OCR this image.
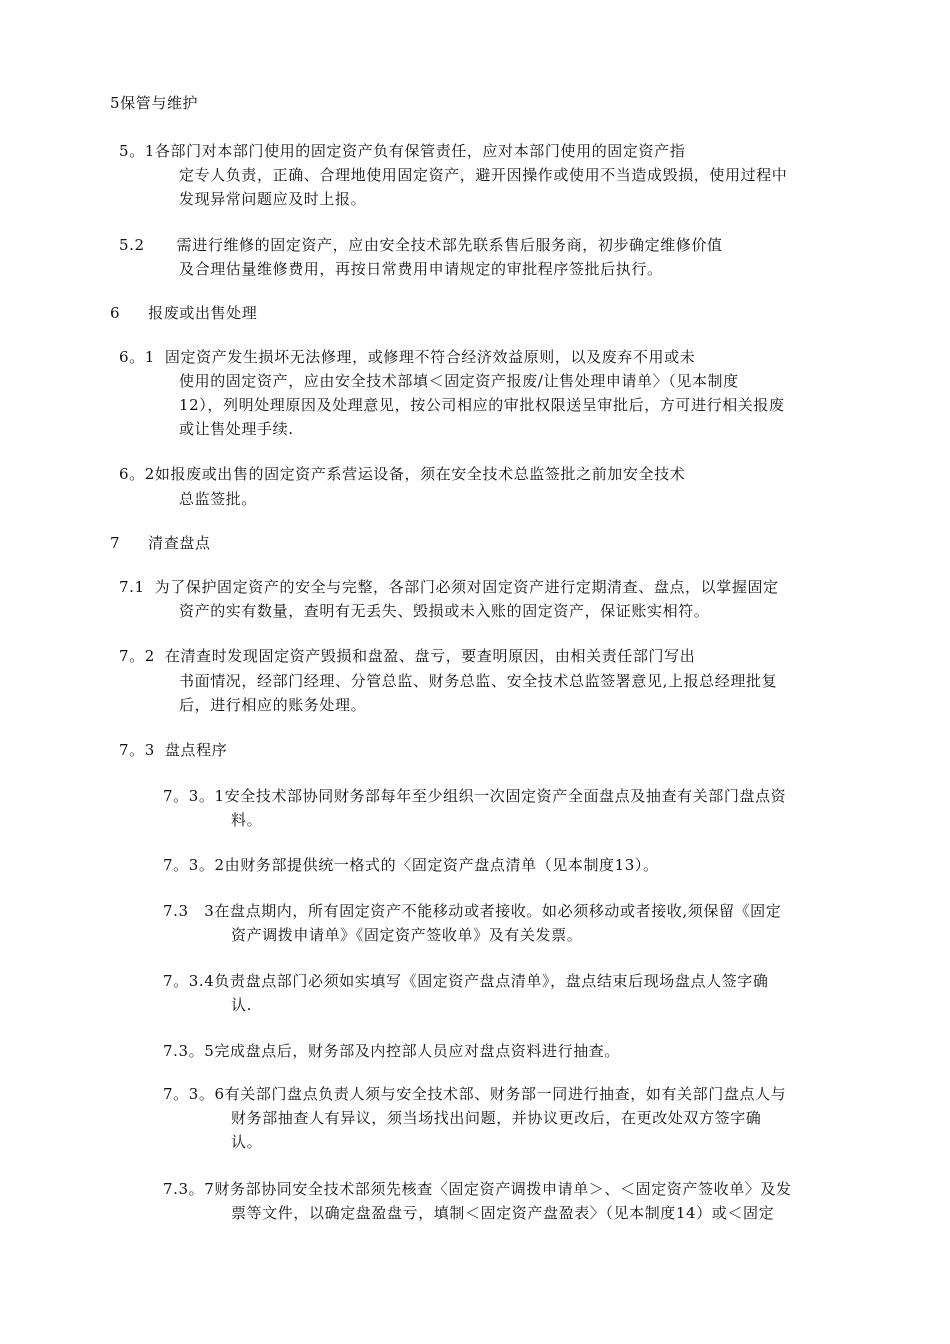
5保管与维护
5。1各部门对本部门使用的固定资产负有保管责任，应对本部门使用的固定资产指
定专人负责，正确、合理地使用固定资产，避开因操作或使用不当造成毁损，使用过程中
发现异常问题应及时上报。
5.2 需进行维修的固定资产，应由安全技术部先联系售后服务商，初步确定维修价值
及合理估量维修费用，再按日常费用申请规定的审批程序签批后执行。
6 报废或出售处理
6。1 固定资产发生损坏无法修理，或修理不符合经济效益原则，以及废弃不用或未
使用的固定资产，应由安全技术部填＜固定资产报废/让售处理申请单〉（见本制度
12），列明处理原因及处理意见，按公司相应的审批权限送呈审批后，方可进行相关报废
或让售处理手续.
6。2如报废或出售的固定资产系营运设备，须在安全技术总监签批之前加安全技术
总监签批。
7 清查盘点
7.1 为了保护固定资产的安全与完整，各部门必须对固定资产进行定期清查、盘点，以掌握固定
资产的实有数量，查明有无丢失、毁损或未入账的固定资产，保证账实相符。
7。2 在清查时发现固定资产毁损和盘盈、盘亏，要查明原因，由相关责任部门写出
书面情况，经部门经理、分管总监、财务总监、安全技术总监签署意见,上报总经理批复
后，进行相应的账务处理。
7。3 盘点程序
7。3。1安全技术部协同财务部每年至少组织一次固定资产全面盘点及抽查有关部门盘点资
料。
7。3。2由财务部提供统一格式的〈固定资产盘点清单（见本制度13）。
7.3　3在盘点期内，所有固定资产不能移动或者接收。如必须移动或者接收,须保留《固定
资产调拨申请单》《固定资产签收单》及有关发票。
7。3.4负责盘点部门必须如实填写《固定资产盘点清单》，盘点结束后现场盘点人签字确
认.
7.3。5完成盘点后，财务部及内控部人员应对盘点资料进行抽查。
7。3。6有关部门盘点负责人须与安全技术部、财务部一同进行抽查，如有关部门盘点人与
财务部抽查人有异议，须当场找出问题，并协议更改后，在更改处双方签字确
认。
7.3。7财务部协同安全技术部须先核查〈固定资产调拨申请单＞、＜固定资产签收单〉及发
票等文件，以确定盘盈盘亏，填制＜固定资产盘盈表〉（见本制度14）或＜固定
